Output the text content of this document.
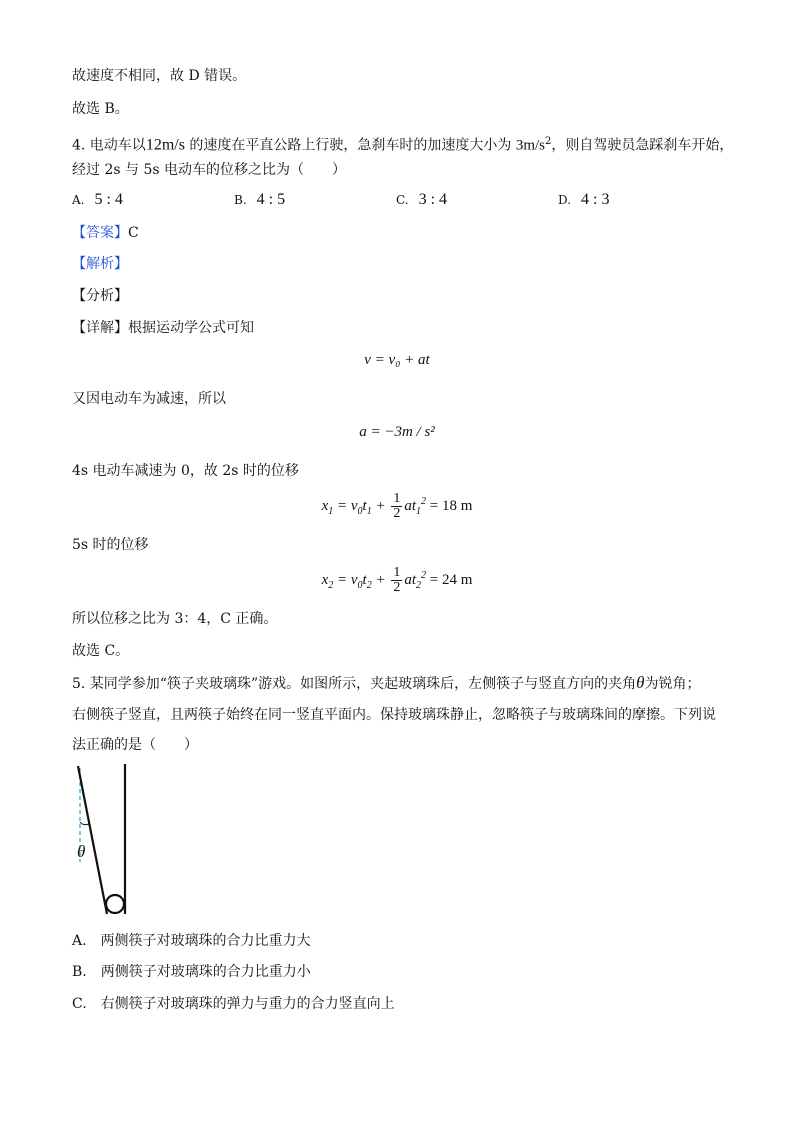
故速度不相同，故 D 错误。
故选 B。
4. 电动车以12m/s 的速度在平直公路上行驶，急刹车时的加速度大小为 $3m/s^2$，则自驾驶员急踩刹车开始，
经过 2s 与 5s 电动车的位移之比为（　　）
A. 5 : 4	B. 4 : 5	C. 3 : 4	D. 4 : 3
【答案】C
【解析】
【分析】
【详解】根据运动学公式可知
v = v₀ + at
又因电动车为减速，所以
a = −3m / s²
4s 电动车减速为 0，故 2s 时的位移
$x_1 = v_0t_1 + \frac{1}{2} at_1^2 = 18$ m
5s 时的位移
$x_2 = v_0t_2 + \frac{1}{2} at_2^2 = 24$ m
所以位移之比为 3：4，C 正确。
故选 C。
5. 某同学参加“筷子夹玻璃珠”游戏。如图所示，夹起玻璃珠后，左侧筷子与竖直方向的夹角θ为锐角；
右侧筷子竖直，且两筷子始终在同一竖直平面内。保持玻璃珠静止，忽略筷子与玻璃珠间的摩擦。下列说
法正确的是（　　）
θ
A.　两侧筷子对玻璃珠的合力比重力大
B.　两侧筷子对玻璃珠的合力比重力小
C.　右侧筷子对玻璃珠的弹力与重力的合力竖直向上
